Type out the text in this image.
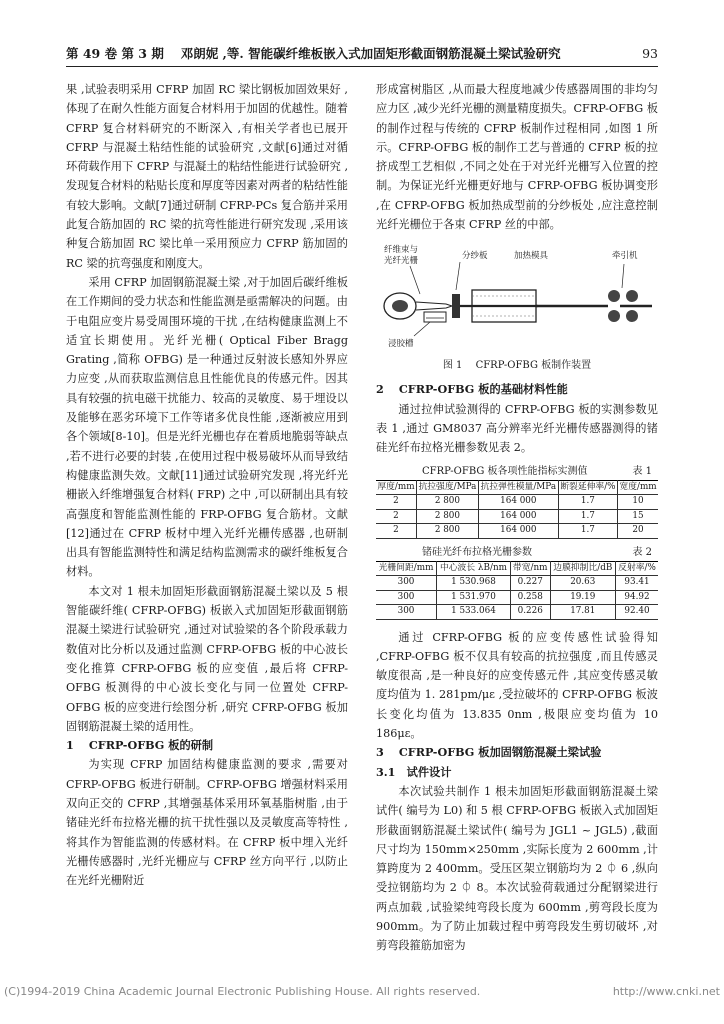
第 49 卷 第 3 期　 邓朗妮 ,等. 智能碳纤维板嵌入式加固矩形截面钢筋混凝土梁试验研究	93

果 ,试验表明采用 CFRP 加固 RC 梁比钢板加固效果好 ,体现了在耐久性能方面复合材料用于加固的优越性。随着 CFRP 复合材料研究的不断深入 ,有相关学者也已展开 CFRP 与混凝土粘结性能的试验研究 ,文献[6]通过对循环荷载作用下 CFRP 与混凝土的粘结性能进行试验研究 ,发现复合材料的粘贴长度和厚度等因素对两者的粘结性能有较大影响。文献[7]通过研制 CFRP-PCs 复合筋并采用此复合筋加固的 RC 梁的抗弯性能进行研究发现 ,采用该种复合筋加固 RC 梁比单一采用预应力 CFRP 筋加固的 RC 梁的抗弯强度和刚度大。

采用 CFRP 加固钢筋混凝土梁 ,对于加固后碳纤维板在工作期间的受力状态和性能监测是亟需解决的问题。由于电阻应变片易受周围环境的干扰 ,在结构健康监测上不适宜长期使用。光纤光栅( Optical Fiber Bragg Grating ,简称 OFBG) 是一种通过反射波长感知外界应力应变 ,从而获取监测信息且性能优良的传感元件。因其具有较强的抗电磁干扰能力、较高的灵敏度、易于埋设以及能够在恶劣环境下工作等诸多优良性能 ,逐渐被应用到各个领域[8-10]。但是光纤光栅也存在着质地脆弱等缺点 ,若不进行必要的封装 ,在使用过程中极易破坏从而导致结构健康监测失效。文献[11]通过试验研究发现 ,将光纤光栅嵌入纤维增强复合材料( FRP) 之中 ,可以研制出具有较高强度和智能监测性能的 FRP-OFBG 复合筋材。文献[12]通过在 CFRP 板材中埋入光纤光栅传感器 ,也研制出具有智能监测特性和满足结构监测需求的碳纤维板复合材料。

本文对 1 根未加固矩形截面钢筋混凝土梁以及 5 根智能碳纤维( CFRP-OFBG) 板嵌入式加固矩形截面钢筋混凝土梁进行试验研究 ,通过对试验梁的各个阶段承载力数值对比分析以及通过监测 CFRP-OFBG 板的中心波长变化推算 CFRP-OFBG 板的应变值 ,最后将 CFRP-OFBG 板测得的中心波长变化与同一位置处 CFRP-OFBG 板的应变进行绘图分析 ,研究 CFRP-OFBG 板加固钢筋混凝土梁的适用性。

1　 CFRP-OFBG 板的研制

为实现 CFRP 加固结构健康监测的要求 ,需要对 CFRP-OFBG 板进行研制。CFRP-OFBG 增强材料采用双向正交的 CFRP ,其增强基体采用环氧基脂树脂 ,由于锗硅光纤布拉格光栅的抗干扰性强以及灵敏度高等特性 ,将其作为智能监测的传感材料。在 CFRP 板中埋入光纤光栅传感器时 ,光纤光栅应与 CFRP 丝方向平行 ,以防止在光纤光栅附近

形成富树脂区 ,从而最大程度地减少传感器周围的非均匀应力区 ,减少光纤光栅的测量精度损失。CFRP-OFBG 板的制作过程与传统的 CFRP 板制作过程相同 ,如图 1 所示。CFRP-OFBG 板的制作工艺与普通的 CFRP 板的拉挤成型工艺相似 ,不同之处在于对光纤光栅写入位置的控制。为保证光纤光栅更好地与 CFRP-OFBG 板协调变形 ,在 CFRP-OFBG 板加热成型前的分纱板处 ,应注意控制光纤光栅位于各束 CFRP 丝的中部。

纤维束与
光纤光栅	分纱板	加热模具	牵引机
浸胶槽
图 1　 CFRP-OFBG 板制作装置

2　 CFRP-OFBG 板的基础材料性能

通过拉伸试验测得的 CFRP-OFBG 板的实测参数见表 1 ,通过 GM8037 高分辨率光纤光栅传感器测得的锗硅光纤布拉格光栅参数见表 2。

CFRP-OFBG 板各项性能指标实测值	表 1
厚度/mm	抗拉强度/MPa	抗拉弹性模量/MPa	断裂延伸率/%	宽度/mm
2	2 800	164 000	1.7	10
2	2 800	164 000	1.7	15
2	2 800	164 000	1.7	20
锗硅光纤布拉格光栅参数	表 2
光栅间距/mm	中心波长 λB/nm	带宽/nm	边膜抑制比/dB	反射率/%
300	1 530.968	0.227	20.63	93.41
300	1 531.970	0.258	19.19	94.92
300	1 533.064	0.226	17.81	92.40

通过 CFRP-OFBG 板的应变传感性试验得知 ,CFRP-OFBG 板不仅具有较高的抗拉强度 ,而且传感灵敏度很高 ,是一种良好的应变传感元件 ,其应变传感灵敏度均值为 1. 281pm/με ,受拉破坏的 CFRP-OFBG 板波长变化均值为 13.835 0nm ,极限应变均值为 10 186με。

3　 CFRP-OFBG 板加固钢筋混凝土梁试验

3.1　试件设计

本次试验共制作 1 根未加固矩形截面钢筋混凝土梁试件( 编号为 L0) 和 5 根 CFRP-OFBG 板嵌入式加固矩形截面钢筋混凝土梁试件( 编号为 JGL1 ~ JGL5) ,截面尺寸均为 150mm×250mm ,实际长度为 2 600mm ,计算跨度为 2 400mm。受压区架立钢筋均为 2 ⏀ 6 ,纵向受拉钢筋均为 2 ⏀ 8。本次试验荷载通过分配钢梁进行两点加载 ,试验梁纯弯段长度为 600mm ,剪弯段长度为 900mm。为了防止加载过程中剪弯段发生剪切破坏 ,对剪弯段箍筋加密为

(C)1994-2019 China Academic Journal Electronic Publishing House. All rights reserved.	http://www.cnki.net
